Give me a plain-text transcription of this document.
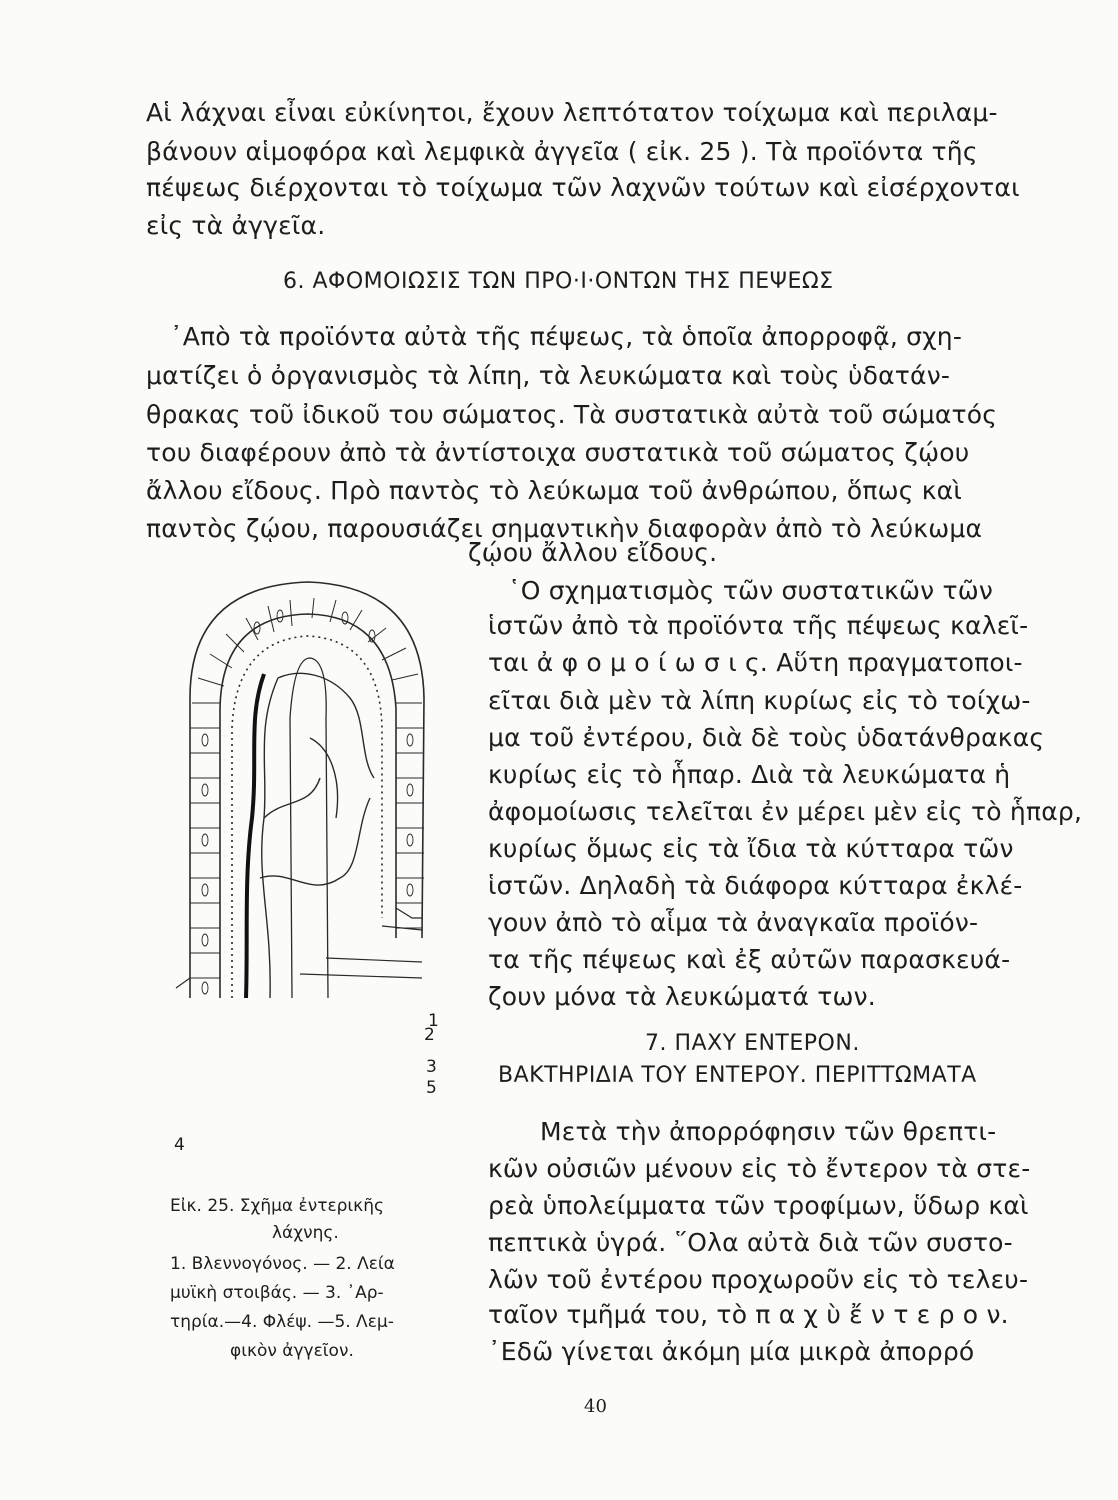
Αἱ λάχναι εἶναι εὐκίνητοι, ἔχουν λεπτότατον τοίχωμα καὶ περιλαμ-
βάνουν αἱμοφόρα καὶ λεμφικὰ ἀγγεῖα ( εἰκ. 25 ). Τὰ προϊόντα τῆς
πέψεως διέρχονται τὸ τοίχωμα τῶν λαχνῶν τούτων καὶ εἰσέρχονται
εἰς τὰ ἀγγεῖα.
6. ΑΦΟΜΟΙΩΣΙΣ ΤΩΝ ΠΡΟ·Ι·ΟΝΤΩΝ ΤΗΣ ΠΕΨΕΩΣ
᾿Απὸ τὰ προϊόντα αὐτὰ τῆς πέψεως, τὰ ὁποῖα ἀπορροφᾷ, σχη-
ματίζει ὁ ὀργανισμὸς τὰ λίπη, τὰ λευκώματα καὶ τοὺς ὑδατάν-
θρακας τοῦ ἰδικοῦ του σώματος. Τὰ συστατικὰ αὐτὰ τοῦ σώματός
του διαφέρουν ἀπὸ τὰ ἀντίστοιχα συστατικὰ τοῦ σώματος ζῴου
ἄλλου εἴδους. Πρὸ παντὸς τὸ λεύκωμα τοῦ ἀνθρώπου, ὅπως καὶ
παντὸς ζῴου, παρουσιάζει σημαντικὴν διαφορὰν ἀπὸ τὸ λεύκωμα
ζῴου ἄλλου εἴδους.
1
2
3
5
4
Εἰκ. 25. Σχῆμα ἐντερικῆς
λάχνης.
1. Βλεννογόνος. — 2. Λεία
μυϊκὴ στοιβάς. — 3. ᾿Αρ-
τηρία.—4. Φλέψ. —5. Λεμ-
φικὸν ἀγγεῖον.
῾Ο σχηματισμὸς τῶν συστατικῶν τῶν
ἱστῶν ἀπὸ τὰ προϊόντα τῆς πέψεως καλεῖ-
ται ἀ φ ο μ ο ί ω σ ι ς. Αὕτη πραγματοποι-
εῖται διὰ μὲν τὰ λίπη κυρίως εἰς τὸ τοίχω-
μα τοῦ ἐντέρου, διὰ δὲ τοὺς ὑδατάνθρακας
κυρίως εἰς τὸ ἧπαρ. Διὰ τὰ λευκώματα ἡ
ἀφομοίωσις τελεῖται ἐν μέρει μὲν εἰς τὸ ἧπαρ,
κυρίως ὅμως εἰς τὰ ἴδια τὰ κύτταρα τῶν
ἱστῶν. Δηλαδὴ τὰ διάφορα κύτταρα ἐκλέ-
γουν ἀπὸ τὸ αἷμα τὰ ἀναγκαῖα προϊόν-
τα τῆς πέψεως καὶ ἐξ αὐτῶν παρασκευά-
ζουν μόνα τὰ λευκώματά των.
7. ΠΑΧΥ ΕΝΤΕΡΟΝ.
ΒΑΚΤΗΡΙΔΙΑ ΤΟΥ ΕΝΤΕΡΟΥ. ΠΕΡΙΤΤΩΜΑΤΑ
Μετὰ τὴν ἀπορρόφησιν τῶν θρεπτι-
κῶν οὐσιῶν μένουν εἰς τὸ ἔντερον τὰ στε-
ρεὰ ὑπολείμματα τῶν τροφίμων, ὕδωρ καὶ
πεπτικὰ ὑγρά. ῞Ολα αὐτὰ διὰ τῶν συστο-
λῶν τοῦ ἐντέρου προχωροῦν εἰς τὸ τελευ-
ταῖον τμῆμά του, τὸ π α χ ὺ ἔ ν τ ε ρ ο ν.
᾿Εδῶ γίνεται ἀκόμη μία μικρὰ ἀπορρό
40
